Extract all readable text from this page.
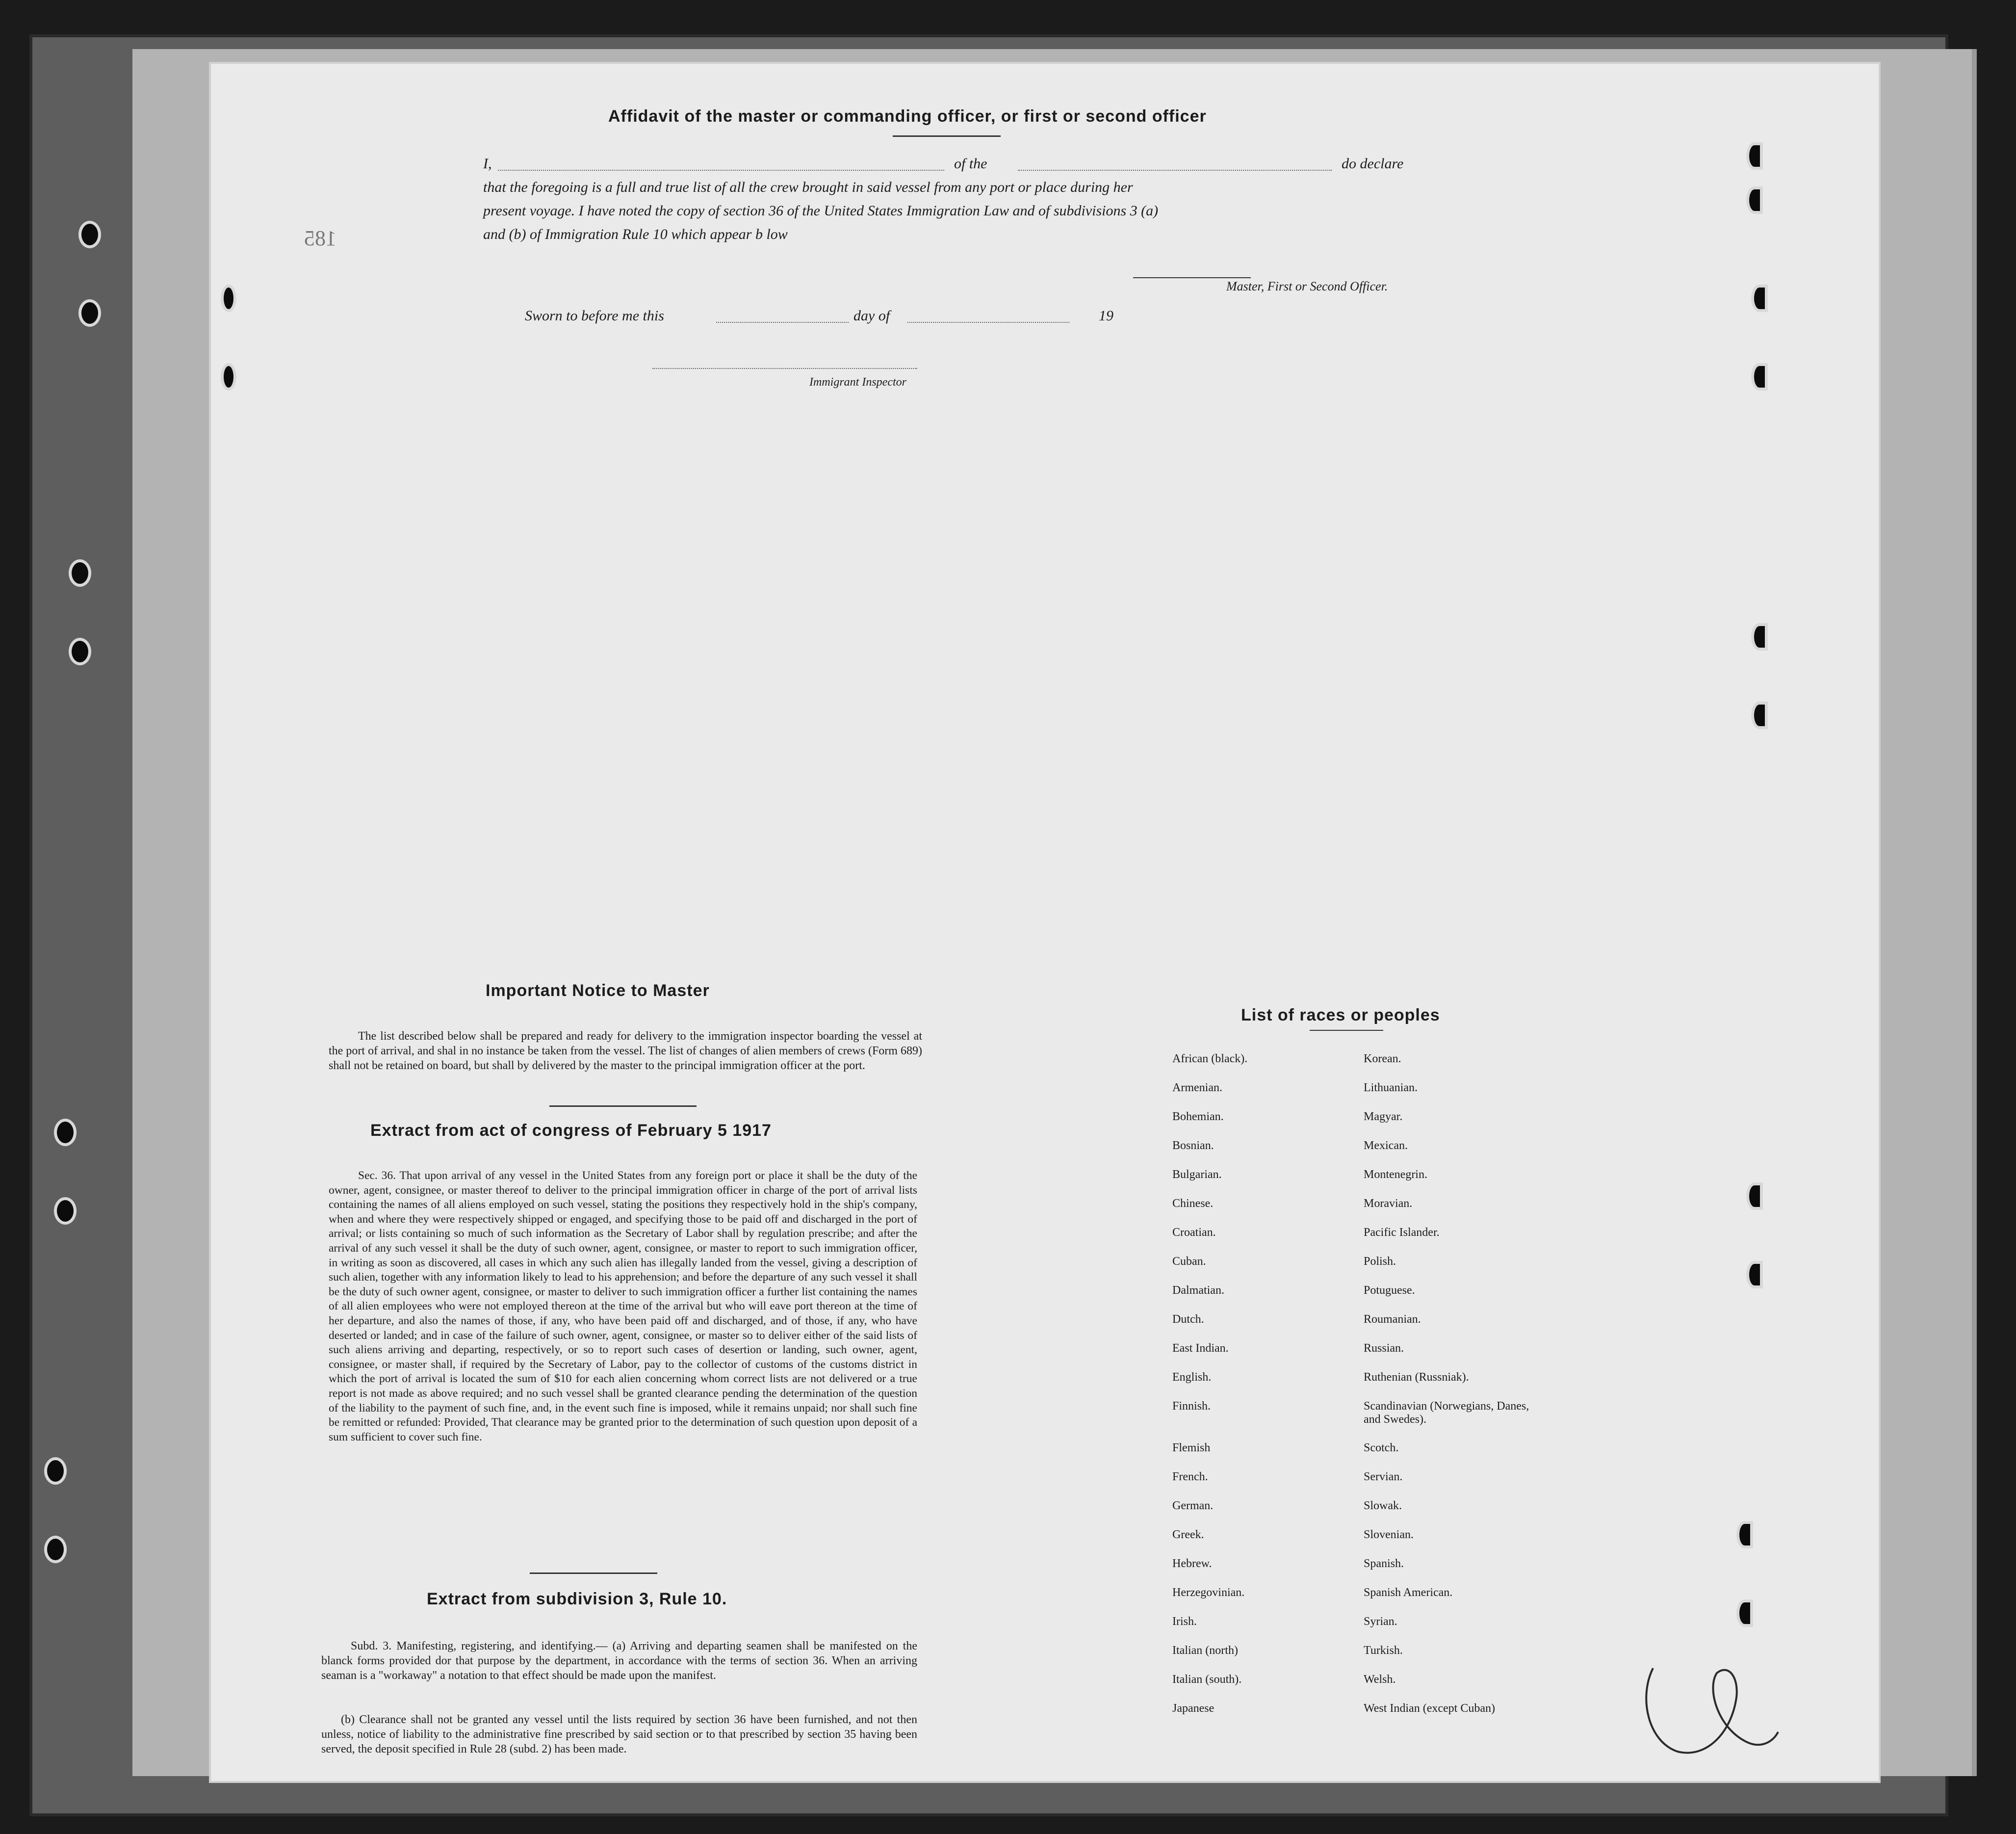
185
Affidavit of the master or commanding officer, or first or second officer
I,	of the	do declare
that the foregoing is a full and true list of all the crew brought in said vessel from any port or place during her
present voyage. I have noted the copy of section 36 of the United States Immigration Law and of subdivisions 3 (a)
and (b) of Immigration Rule 10 which appear b low
Master, First or Second Officer.
Sworn to before me this	day of	19
Immigrant Inspector
Important Notice to Master
The list described below shall be prepared and ready for delivery to the immigration inspector boarding the vessel at the port of arrival, and shal in no instance be taken from the vessel. The list of changes of alien members of crews (Form 689) shall not be retained on board, but shall by delivered by the master to the principal immigration officer at the port.
Extract from act of congress of February 5 1917
Sec. 36. That upon arrival of any vessel in the United States from any foreign port or place it shall be the duty of the owner, agent, consignee, or master thereof to deliver to the principal immigration officer in charge of the port of arrival lists containing the names of all aliens employed on such vessel, stating the positions they respectively hold in the ship's company, when and where they were respectively shipped or engaged, and specifying those to be paid off and discharged in the port of arrival; or lists containing so much of such information as the Secretary of Labor shall by regulation prescribe; and after the arrival of any such vessel it shall be the duty of such owner, agent, consignee, or master to report to such immigration officer, in writing as soon as discovered, all cases in which any such alien has illegally landed from the vessel, giving a description of such alien, together with any information likely to lead to his apprehension; and before the departure of any such vessel it shall be the duty of such owner agent, consignee, or master to deliver to such immigration officer a further list containing the names of all alien employees who were not employed thereon at the time of the arrival but who will eave port thereon at the time of her departure, and also the names of those, if any, who have been paid off and discharged, and of those, if any, who have deserted or landed; and in case of the failure of such owner, agent, consignee, or master so to deliver either of the said lists of such aliens arriving and departing, respectively, or so to report such cases of desertion or landing, such owner, agent, consignee, or master shall, if required by the Secretary of Labor, pay to the collector of customs of the customs district in which the port of arrival is located the sum of $10 for each alien concerning whom correct lists are not delivered or a true report is not made as above required; and no such vessel shall be granted clearance pending the determination of the question of the liability to the payment of such fine, and, in the event such fine is imposed, while it remains unpaid; nor shall such fine be remitted or refunded: Provided, That clearance may be granted prior to the determination of such question upon deposit of a sum sufficient to cover such fine.
Extract from subdivision 3, Rule 10.
Subd. 3. Manifesting, registering, and identifying.— (a) Arriving and departing seamen shall be manifested on the blanck forms provided dor that purpose by the department, in accordance with the terms of section 36. When an arriving seaman is a "workaway" a notation to that effect should be made upon the manifest.
(b) Clearance shall not be granted any vessel until the lists required by section 36 have been furnished, and not then unless, notice of liability to the administrative fine prescribed by said section or to that prescribed by section 35 having been served, the deposit specified in Rule 28 (subd. 2) has been made.
List of races or peoples
African (black).	Korean.
Armenian.	Lithuanian.
Bohemian.	Magyar.
Bosnian.	Mexican.
Bulgarian.	Montenegrin.
Chinese.	Moravian.
Croatian.	Pacific Islander.
Cuban.	Polish.
Dalmatian.	Potuguese.
Dutch.	Roumanian.
East Indian.	Russian.
English.	Ruthenian (Russniak).
Finnish.	Scandinavian (Norwegians, Danes, and Swedes).
Flemish	Scotch.
French.	Servian.
German.	Slowak.
Greek.	Slovenian.
Hebrew.	Spanish.
Herzegovinian.	Spanish American.
Irish.	Syrian.
Italian (north)	Turkish.
Italian (south).	Welsh.
Japanese	West Indian (except Cuban)
